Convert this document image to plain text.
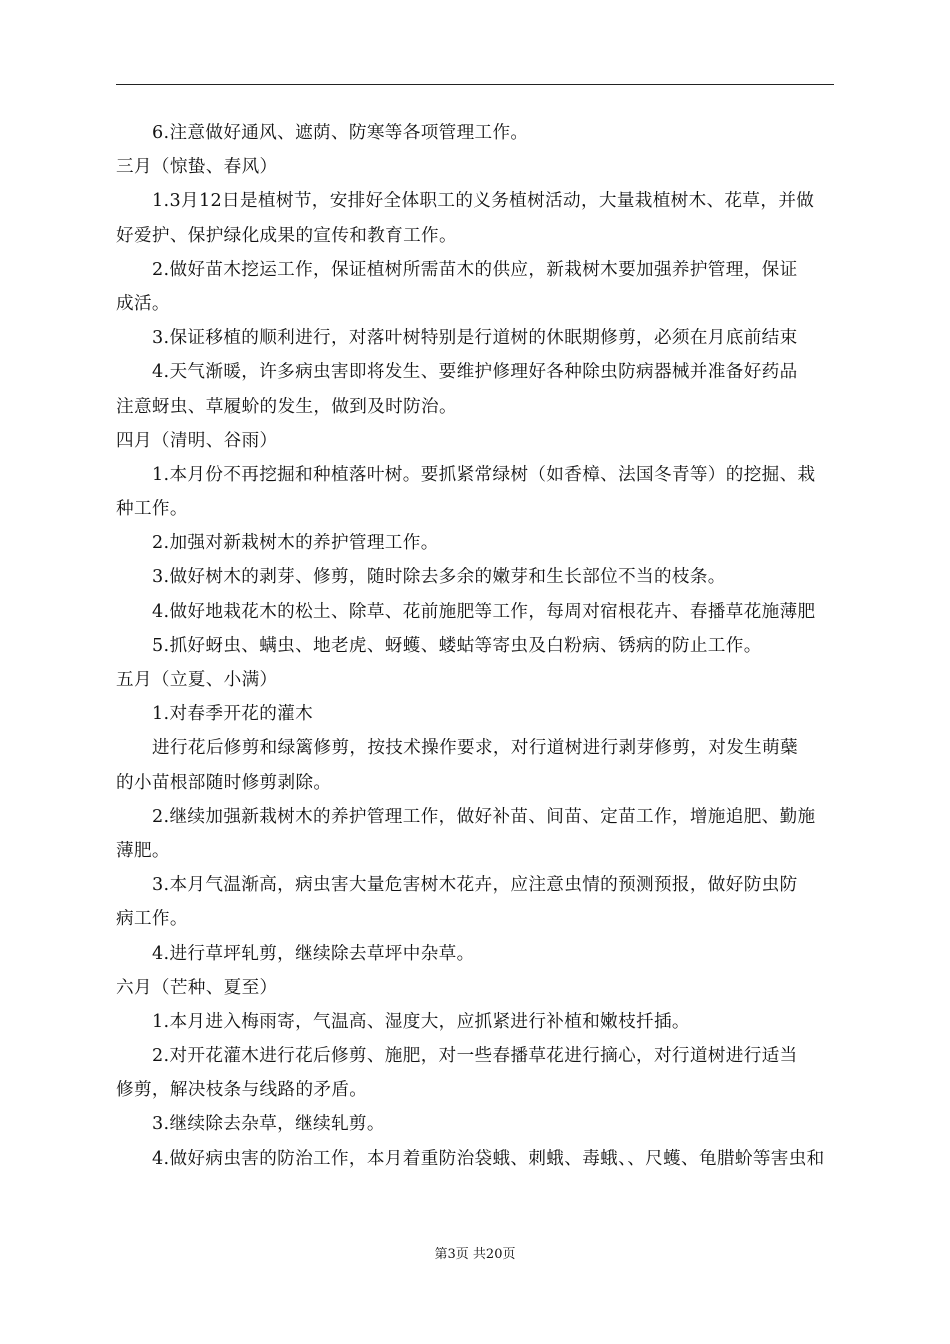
6.注意做好通风、遮荫、防寒等各项管理工作。
三月（惊蛰、春风）
1.3月12日是植树节，安排好全体职工的义务植树活动，大量栽植树木、花草，并做
好爱护、保护绿化成果的宣传和教育工作。
2.做好苗木挖运工作，保证植树所需苗木的供应，新栽树木要加强养护管理，保证
成活。
3.保证移植的顺利进行，对落叶树特别是行道树的休眠期修剪，必须在月底前结束
4.天气渐暖，许多病虫害即将发生、要维护修理好各种除虫防病器械并准备好药品
注意蚜虫、草履蚧的发生，做到及时防治。
四月（清明、谷雨）
1.本月份不再挖掘和种植落叶树。要抓紧常绿树（如香樟、法国冬青等）的挖掘、栽
种工作。
2.加强对新栽树木的养护管理工作。
3.做好树木的剥芽、修剪，随时除去多余的嫩芽和生长部位不当的枝条。
4.做好地栽花木的松土、除草、花前施肥等工作，每周对宿根花卉、春播草花施薄肥
5.抓好蚜虫、螨虫、地老虎、蚜蠖、蝼蛄等寄虫及白粉病、锈病的防止工作。
五月（立夏、小满）
1.对春季开花的灌木
进行花后修剪和绿篱修剪，按技术操作要求，对行道树进行剥芽修剪，对发生萌蘖
的小苗根部随时修剪剥除。
2.继续加强新栽树木的养护管理工作，做好补苗、间苗、定苗工作，增施追肥、勤施
薄肥。
3.本月气温渐高，病虫害大量危害树木花卉，应注意虫情的预测预报，做好防虫防
病工作。
4.进行草坪轧剪，继续除去草坪中杂草。
六月（芒种、夏至）
1.本月进入梅雨寄，气温高、湿度大，应抓紧进行补植和嫩枝扦插。
2.对开花灌木进行花后修剪、施肥，对一些春播草花进行摘心，对行道树进行适当
修剪，解决枝条与线路的矛盾。
3.继续除去杂草，继续轧剪。
4.做好病虫害的防治工作，本月着重防治袋蛾、刺蛾、毒蛾、、尺蠖、龟腊蚧等害虫和
第3页 共20页
